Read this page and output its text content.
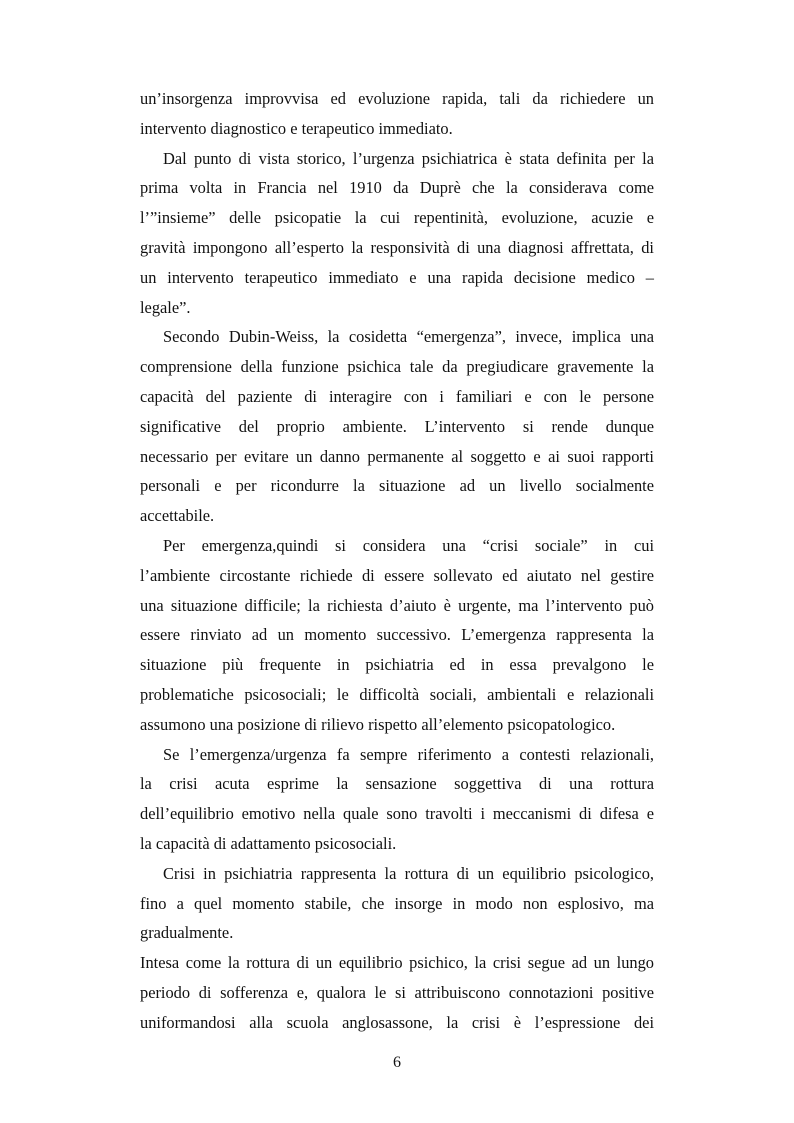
un’insorgenza improvvisa ed evoluzione rapida, tali da richiedere un
intervento diagnostico e terapeutico immediato.
Dal punto di vista storico, l’urgenza psichiatrica è stata definita per la
prima volta in Francia nel 1910 da Duprè che la considerava come
l’”insieme” delle psicopatie la cui repentinità, evoluzione, acuzie e
gravità impongono all’esperto la responsività di una diagnosi affrettata, di
un intervento terapeutico immediato e una rapida decisione medico –
legale”.
Secondo Dubin-Weiss, la cosidetta “emergenza”, invece, implica una
comprensione della funzione psichica tale da pregiudicare gravemente la
capacità del paziente di interagire con i familiari e con le persone
significative del proprio ambiente. L’intervento si rende dunque
necessario per evitare un danno permanente al soggetto e ai suoi rapporti
personali e per ricondurre la situazione ad un livello socialmente
accettabile.
Per emergenza,quindi si considera una “crisi sociale” in cui
l’ambiente circostante richiede di essere sollevato ed aiutato nel gestire
una situazione difficile; la richiesta d’aiuto è urgente, ma l’intervento può
essere rinviato ad un momento successivo. L’emergenza rappresenta la
situazione più frequente in psichiatria ed in essa prevalgono le
problematiche psicosociali; le difficoltà sociali, ambientali e relazionali
assumono una posizione di rilievo rispetto all’elemento psicopatologico.
Se l’emergenza/urgenza fa sempre riferimento a contesti relazionali,
la crisi acuta esprime la sensazione soggettiva di una rottura
dell’equilibrio emotivo nella quale sono travolti i meccanismi di difesa e
la capacità di adattamento psicosociali.
Crisi in psichiatria rappresenta la rottura di un equilibrio psicologico,
fino a quel momento stabile, che insorge in modo non esplosivo, ma
gradualmente.
Intesa come la rottura di un equilibrio psichico, la crisi segue ad un lungo
periodo di sofferenza e, qualora le si attribuiscono connotazioni positive
uniformandosi alla scuola anglosassone, la crisi è l’espressione dei
6
